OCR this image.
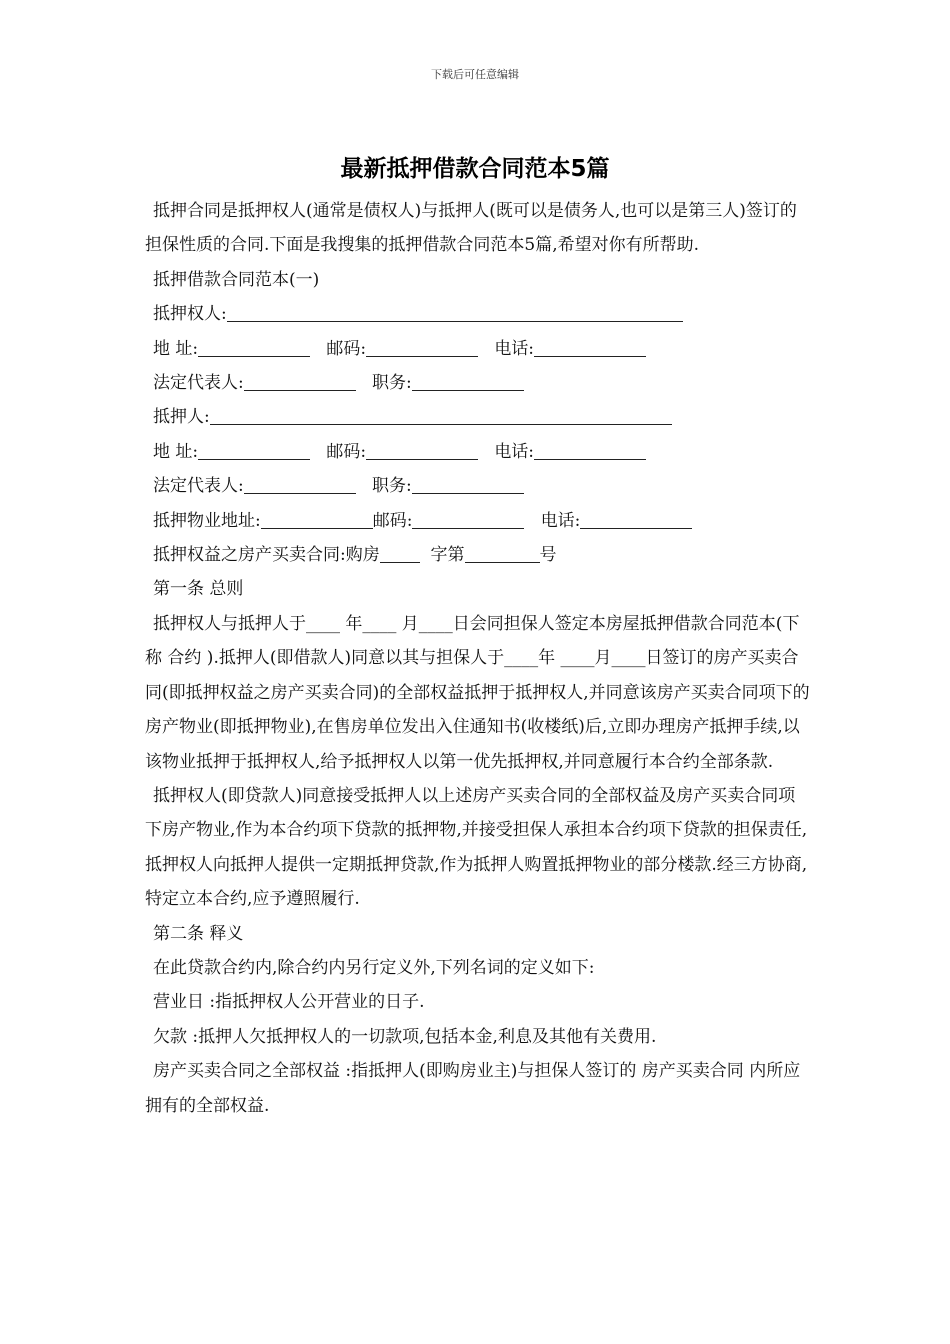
下载后可任意编辑
最新抵押借款合同范本5篇

抵押合同是抵押权人(通常是债权人)与抵押人(既可以是债务人,也可以是第三人)签订的担保性质的合同.下面是我搜集的抵押借款合同范本5篇,希望对你有所帮助.

抵押借款合同范本(一)

抵押权人:

地 址:	邮码:	电话:

法定代表人:	职务:

抵押人:

地 址:	邮码:	电话:

法定代表人:	职务:

抵押物业地址:	邮码:	电话:

抵押权益之房产买卖合同:购房	字第	号

第一条 总则

抵押权人与抵押人于____ 年____ 月____日会同担保人签定本房屋抵押借款合同范本(下称 合约 ).抵押人(即借款人)同意以其与担保人于____年 ____月____日签订的房产买卖合同(即抵押权益之房产买卖合同)的全部权益抵押于抵押权人,并同意该房产买卖合同项下的房产物业(即抵押物业),在售房单位发出入住通知书(收楼纸)后,立即办理房产抵押手续,以该物业抵押于抵押权人,给予抵押权人以第一优先抵押权,并同意履行本合约全部条款.

抵押权人(即贷款人)同意接受抵押人以上述房产买卖合同的全部权益及房产买卖合同项下房产物业,作为本合约项下贷款的抵押物,并接受担保人承担本合约项下贷款的担保责任,抵押权人向抵押人提供一定期抵押贷款,作为抵押人购置抵押物业的部分楼款.经三方协商,特定立本合约,应予遵照履行.

第二条 释义

在此贷款合约内,除合约内另行定义外,下列名词的定义如下:

营业日 :指抵押权人公开营业的日子.

欠款 :抵押人欠抵押权人的一切款项,包括本金,利息及其他有关费用.

房产买卖合同之全部权益 :指抵押人(即购房业主)与担保人签订的 房产买卖合同 内所应拥有的全部权益.
